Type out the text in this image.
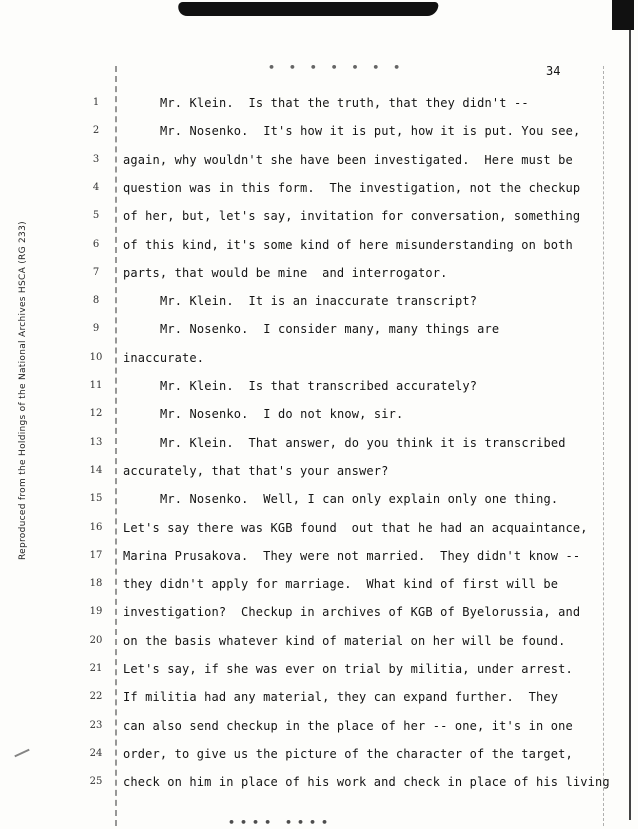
• • • • • • •	34
Reproduced from the Holdings of the National Archives HSCA (RG 233)
1	Mr. Klein.  Is that the truth, that they didn't --
2	Mr. Nosenko.  It's how it is put, how it is put. You see,
3	again, why wouldn't she have been investigated.  Here must be
4	question was in this form.  The investigation, not the checkup
5	of her, but, let's say, invitation for conversation, something
6	of this kind, it's some kind of here misunderstanding on both
7	parts, that would be mine  and interrogator.
8	Mr. Klein.  It is an inaccurate transcript?
9	Mr. Nosenko.  I consider many, many things are
10	inaccurate.
11	Mr. Klein.  Is that transcribed accurately?
12	Mr. Nosenko.  I do not know, sir.
13	Mr. Klein.  That answer, do you think it is transcribed
14	accurately, that that's your answer?
15	Mr. Nosenko.  Well, I can only explain only one thing.
16	Let's say there was KGB found  out that he had an acquaintance,
17	Marina Prusakova.  They were not married.  They didn't know --
18	they didn't apply for marriage.  What kind of first will be
19	investigation?  Checkup in archives of KGB of Byelorussia, and
20	on the basis whatever kind of material on her will be found.
21	Let's say, if she was ever on trial by militia, under arrest.
22	If militia had any material, they can expand further.  They
23	can also send checkup in the place of her -- one, it's in one
24	order, to give us the picture of the character of the target,
25	check on him in place of his work and check in place of his living
•••• ••••
